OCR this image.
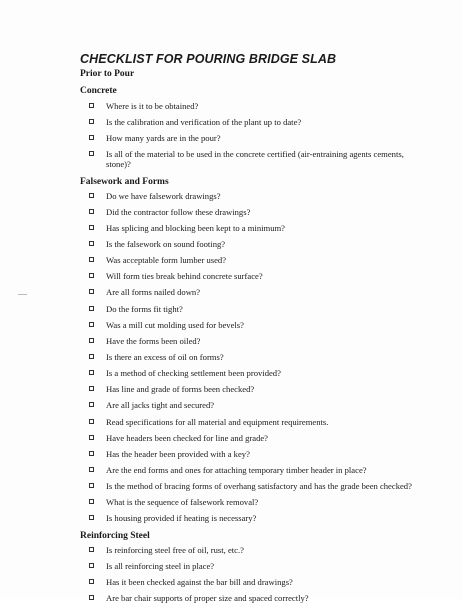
CHECKLIST FOR POURING BRIDGE SLAB

Prior to Pour

Concrete

Where is it to be obtained?
Is the calibration and verification of the plant up to date?
How many yards are in the pour?
Is all of the material to be used in the concrete certified (air-entraining agents cements, stone)?

Falsework and Forms

Do we have falsework drawings?
Did the contractor follow these drawings?
Has splicing and blocking been kept to a minimum?
Is the falsework on sound footing?
Was acceptable form lumber used?
Will form ties break behind concrete surface?
Are all forms nailed down?
Do the forms fit tight?
Was a mill cut molding used for bevels?
Have the forms been oiled?
Is there an excess of oil on forms?
Is a method of checking settlement been provided?
Has line and grade of forms been checked?
Are all jacks tight and secured?
Read specifications for all material and equipment requirements.
Have headers been checked for line and grade?
Has the header been provided with a key?
Are the end forms and ones for attaching temporary timber header in place?
Is the method of bracing forms of overhang satisfactory and has the grade been checked?
What is the sequence of falsework removal?
Is housing provided if heating is necessary?

Reinforcing Steel

Is reinforcing steel free of oil, rust, etc.?
Is all reinforcing steel in place?
Has it been checked against the bar bill and drawings?
Are bar chair supports of proper size and spaced correctly?
